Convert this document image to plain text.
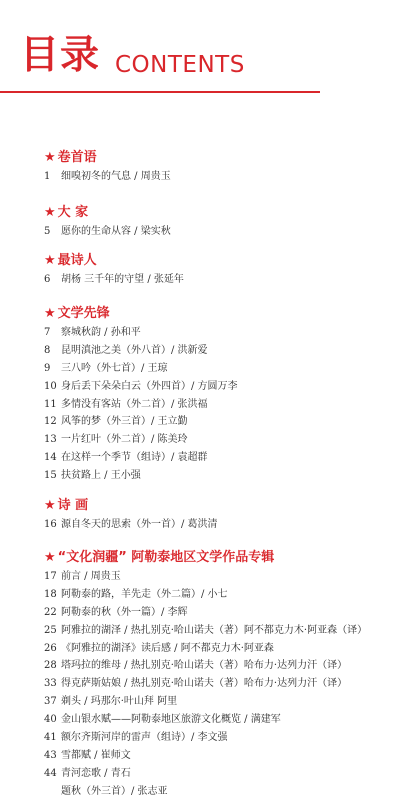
目录 CONTENTS
★ 卷首语
1 细嗅初冬的气息 / 周贵玉
★ 大 家
5 愿你的生命从容 / 梁实秋
★ 最诗人
6 胡杨 三千年的守望 / 张延年
★ 文学先锋
7 察城秋韵 / 孙和平
8 昆明滇池之美（外八首）/ 洪新爱
9 三八吟（外七首）/ 王琼
10 身后丢下朵朵白云（外四首）/ 方圆万李
11 多情没有客站（外二首）/ 张洪福
12 风筝的梦（外三首）/ 王立勤
13 一片红叶（外二首）/ 陈美玲
14 在这样一个季节（组诗）/ 袁超群
15 扶贫路上 / 王小强
★ 诗 画
16 源自冬天的思索（外一首）/ 葛洪清
★ “文化润疆” 阿勒泰地区文学作品专辑
17 前言 / 周贵玉
18 阿勒泰的路，羊先走（外二篇）/ 小七
22 阿勒泰的秋（外一篇）/ 李辉
25 阿雅拉的湖泽 / 热扎别克·哈山诺夫（著）阿不都克力木·阿亚森（译）
26 《阿雅拉的湖泽》读后感 / 阿不都克力木·阿亚森
28 塔玛拉的维母 / 热扎别克·哈山诺夫（著）哈布力·达列力汗（译）
33 得克萨斯姑娘 / 热扎别克·哈山诺夫（著）哈布力·达列力汗（译）
37 剃头 / 玛那尔·叶山拜 阿里
40 金山银水赋——阿勒泰地区旅游文化概览 / 满建军
41 额尔齐斯河岸的雷声（组诗）/ 李文强
43 雪都赋 / 崔师文
44 青河恋歌 / 青石
题秋（外三首）/ 张志亚
